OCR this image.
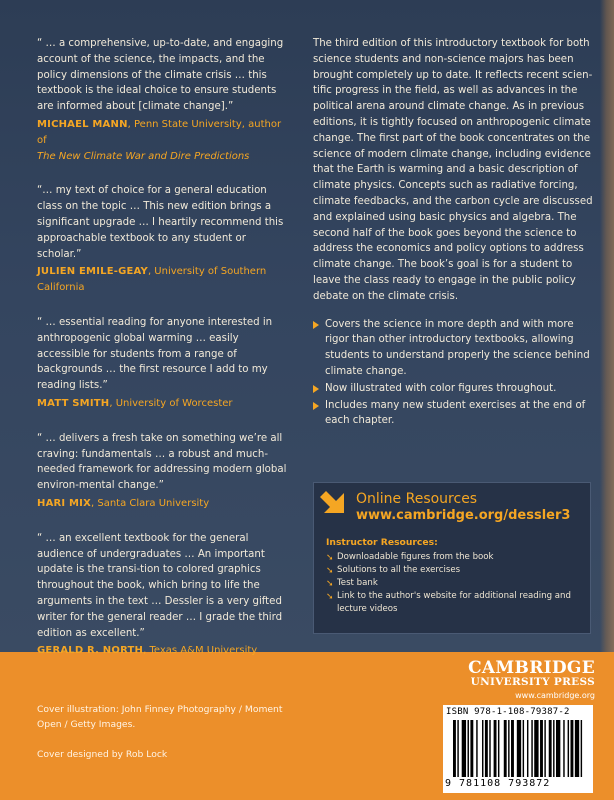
“ … a comprehensive, up-to-date, and engaging account of the science, the impacts, and the policy dimensions of the climate crisis … this textbook is the ideal choice to ensure students are informed about [climate change].”

MICHAEL MANN, Penn State University, author of
The New Climate War and Dire Predictions

“… my text of choice for a general education class on the topic … This new edition brings a significant upgrade … I heartily recommend this approachable textbook to any student or scholar.”

JULIEN EMILE-GEAY, University of Southern California

“ … essential reading for anyone interested in anthropogenic global warming … easily accessible for students from a range of backgrounds … the first resource I add to my reading lists.”

MATT SMITH, University of Worcester

“ … delivers a fresh take on something we’re all craving: fundamentals … a robust and much-needed framework for addressing modern global environ-mental change.”

HARI MIX, Santa Clara University

“ … an excellent textbook for the general audience of undergraduates … An important update is the transi-tion to colored graphics throughout the book, which bring to life the arguments in the text … Dessler is a very gifted writer for the general reader … I grade the third edition as excellent.”

GERALD R. NORTH, Texas A&M University

The third edition of this introductory textbook for both science students and non-science majors has been brought completely up to date. It reflects recent scien-tific progress in the field, as well as advances in the political arena around climate change. As in previous editions, it is tightly focused on anthropogenic climate change. The first part of the book concentrates on the science of modern climate change, including evidence that the Earth is warming and a basic description of climate physics. Concepts such as radiative forcing, climate feedbacks, and the carbon cycle are discussed and explained using basic physics and algebra. The second half of the book goes beyond the science to address the economics and policy options to address climate change. The book’s goal is for a student to leave the class ready to engage in the public policy debate on the climate crisis.

Covers the science in more depth and with more rigor than other introductory textbooks, allowing students to understand properly the science behind climate change.
Now illustrated with color figures throughout.
Includes many new student exercises at the end of each chapter.
Online Resources
www.cambridge.org/dessler3
Instructor Resources:
➘ Downloadable figures from the book
➘ Solutions to all the exercises
➘ Test bank
➘ Link to the author's website for additional reading and lecture videos
CAMBRIDGE
UNIVERSITY PRESS
www.cambridge.org
Cover illustration: John Finney Photography / Moment Open / Getty Images.
Cover designed by Rob Lock
ISBN 978-1-108-79387-2
9 781108 793872
